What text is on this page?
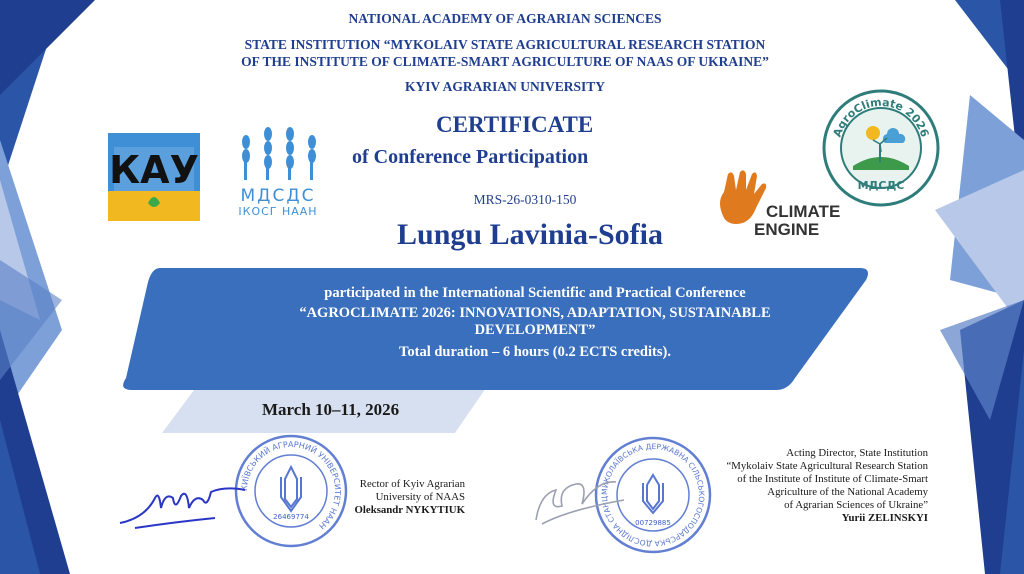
NATIONAL ACADEMY OF AGRARIAN SCIENCES
STATE INSTITUTION “MYKOLAIV STATE AGRICULTURAL RESEARCH STATION
OF THE INSTITUTE OF CLIMATE-SMART AGRICULTURE OF NAAS OF UKRAINE”
KYIV AGRARIAN UNIVERSITY
КАУ
МДСДС
ІКОСГ НААН
CERTIFICATE
of Conference Participation
MRS-26-0310-150
Lungu Lavinia-Sofia
CLIMATE
ENGINE
AgroClimate 2026
МДСДС
participated in the International Scientific and Practical Conference
“AGROCLIMATE 2026: INNOVATIONS, ADAPTATION, SUSTAINABLE
DEVELOPMENT”
Total duration – 6 hours (0.2 ECTS credits).
March 10–11, 2026
КИЇВСЬКИЙ АГРАРНИЙ УНІВЕРСИТЕТ НААН
26469774
Rector of Kyiv Agrarian
University of NAAS
Oleksandr NYKYTIUK
МИКОЛАЇВСЬКА ДЕРЖАВНА СІЛЬСЬКОГОСПОДАРСЬКА ДОСЛІДНА СТАНЦ
00729885
Acting Director, State Institution
“Mykolaiv State Agricultural Research Station
of the Institute of Institute of Climate-Smart
Agriculture of the National Academy
of Agrarian Sciences of Ukraine”
Yurii ZELINSKYI
